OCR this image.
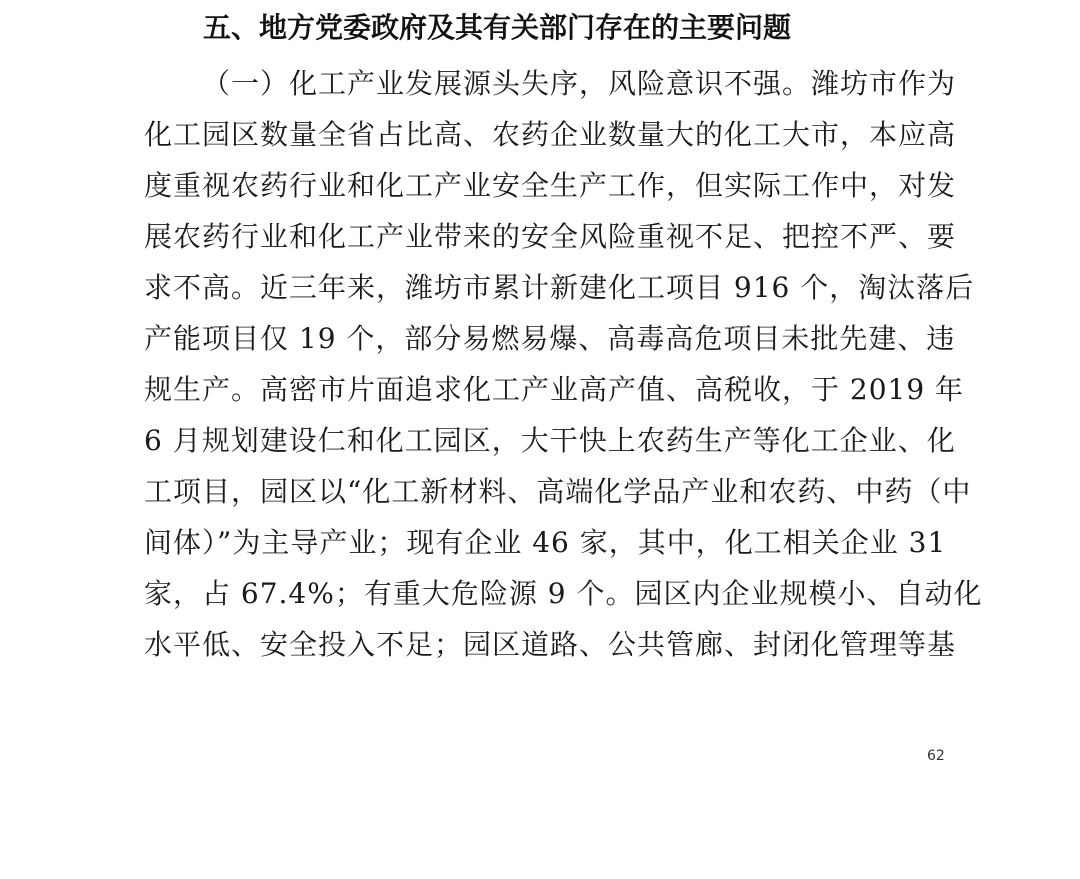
五、地方党委政府及其有关部门存在的主要问题
（一）化工产业发展源头失序，风险意识不强。潍坊市作为
化工园区数量全省占比高、农药企业数量大的化工大市，本应高
度重视农药行业和化工产业安全生产工作，但实际工作中，对发
展农药行业和化工产业带来的安全风险重视不足、把控不严、要
求不高。近三年来，潍坊市累计新建化工项目 916 个，淘汰落后
产能项目仅 19 个，部分易燃易爆、高毒高危项目未批先建、违
规生产。高密市片面追求化工产业高产值、高税收，于 2019 年
6 月规划建设仁和化工园区，大干快上农药生产等化工企业、化
工项目，园区以“化工新材料、高端化学品产业和农药、中药（中
间体）”为主导产业；现有企业 46 家，其中，化工相关企业 31
家，占 67.4%；有重大危险源 9 个。园区内企业规模小、自动化
水平低、安全投入不足；园区道路、公共管廊、封闭化管理等基
62
